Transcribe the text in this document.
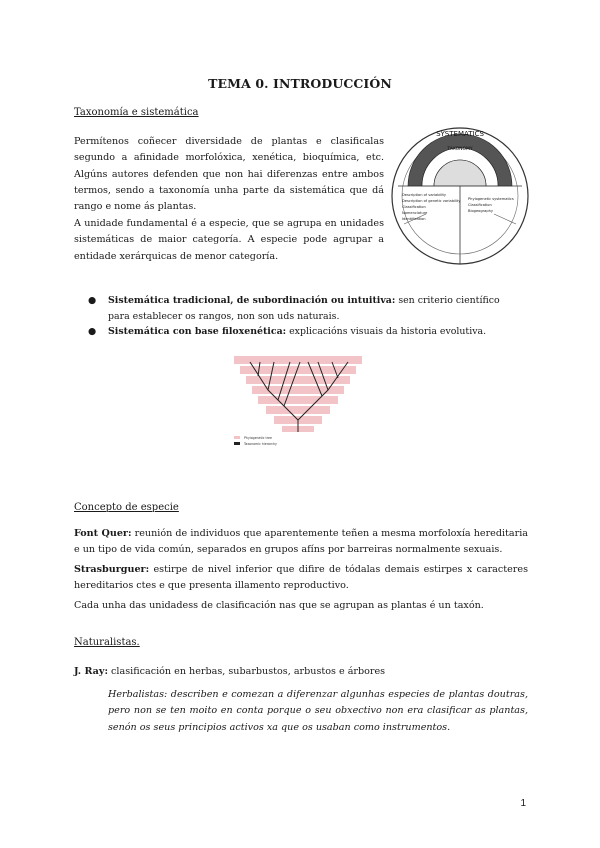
TEMA 0. INTRODUCCIÓN
Taxonomía e sistemática
Permítenos coñecer diversidade de plantas e clasificalas segundo a afinidade morfolóxica, xenética, bioquímica, etc. Algúns autores defenden que non hai diferenzas entre ambos termos, sendo a taxonomía unha parte da sistemática que dá rango e nome ás plantas.
A unidade fundamental é a especie, que se agrupa en unidades sistemáticas de maior categoría. A especie pode agrupar a entidade xerárquicas de menor categoría.
SYSTEMATICS
TAXONOMY
Description of variability
Description of genetic variability
Classification
Nomenclature
Identification
Phylogenetic systematics
Classification
Biogeography
● Sistemática tradicional, de subordinación ou intuitiva: sen criterio científico para establecer os rangos, non son uds naturais.
● Sistemática con base filoxenética: explicacións visuais da historia evolutiva.
Phylogenetic tree
Taxonomic hierarchy
Concepto de especie
Font Quer: reunión de individuos que aparentemente teñen a mesma morfoloxía hereditaria e un tipo de vida común, separados en grupos afíns por barreiras normalmente sexuais.
Strasburguer: estirpe de nivel inferior que difire de tódalas demais estirpes x caracteres hereditarios ctes e que presenta illamento reproductivo.
Cada unha das unidadess de clasificación nas que se agrupan as plantas é un taxón.
Naturalistas.
J. Ray: clasificación en herbas, subarbustos, arbustos e árbores
Herbalistas: describen e comezan a diferenzar algunhas especies de plantas doutras, pero non se ten moito en conta porque o seu obxectivo non era clasificar as plantas, senón os seus principios activos xa que os usaban como instrumentos.
1
